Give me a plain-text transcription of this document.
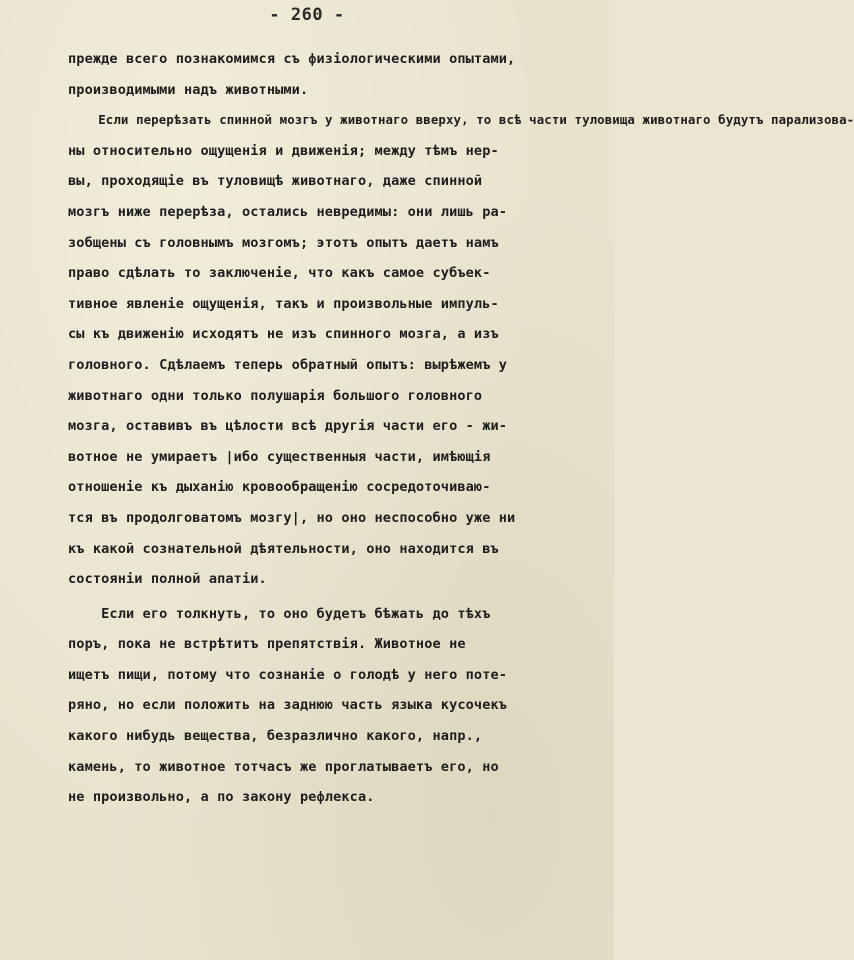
- 260 -
прежде всего познакомимся съ физiологическими опытами,
производимыми надъ животными.
Если перерѣзать спинной мозгъ у животнаго вверху, то всѣ части туловища животнаго будутъ парализова-
ны относительно ощущенiя и движенiя; между тѣмъ нер-
вы, проходящiе въ туловищѣ животнаго, даже спинной
мозгъ ниже перерѣза, остались невредимы: они лишь ра-
зобщены съ головнымъ мозгомъ; этотъ опытъ даетъ намъ
право сдѣлать то заключенiе, что какъ самое субъек-
тивное явленiе ощущенiя, такъ и произвольные импуль-
сы къ движенiю исходятъ не изъ спинного мозга, а изъ
головного. Сдѣлаемъ теперь обратный опытъ: вырѣжемъ у
животнаго одни только полушарiя большого головного
мозга, оставивъ въ цѣлости всѣ другiя части его - жи-
вотное не умираетъ |ибо существенныя части, имѣющiя
отношенiе къ дыханiю кровообращенiю сосредоточиваю-
тся въ продолговатомъ мозгу|, но оно неспособно уже ни
къ какой сознательной дѣятельности, оно находится въ
состоянiи полной апатiи.
Если его толкнуть, то оно будетъ бѣжать до тѣхъ
поръ, пока не встрѣтитъ препятствiя. Животное не
ищетъ пищи, потому что сознанiе о голодѣ у него поте-
ряно, но если положить на заднюю часть языка кусочекъ
какого нибудь вещества, безразлично какого, напр.,
камень, то животное тотчасъ же проглатываетъ его, но
не произвольно, а по закону рефлекса.
